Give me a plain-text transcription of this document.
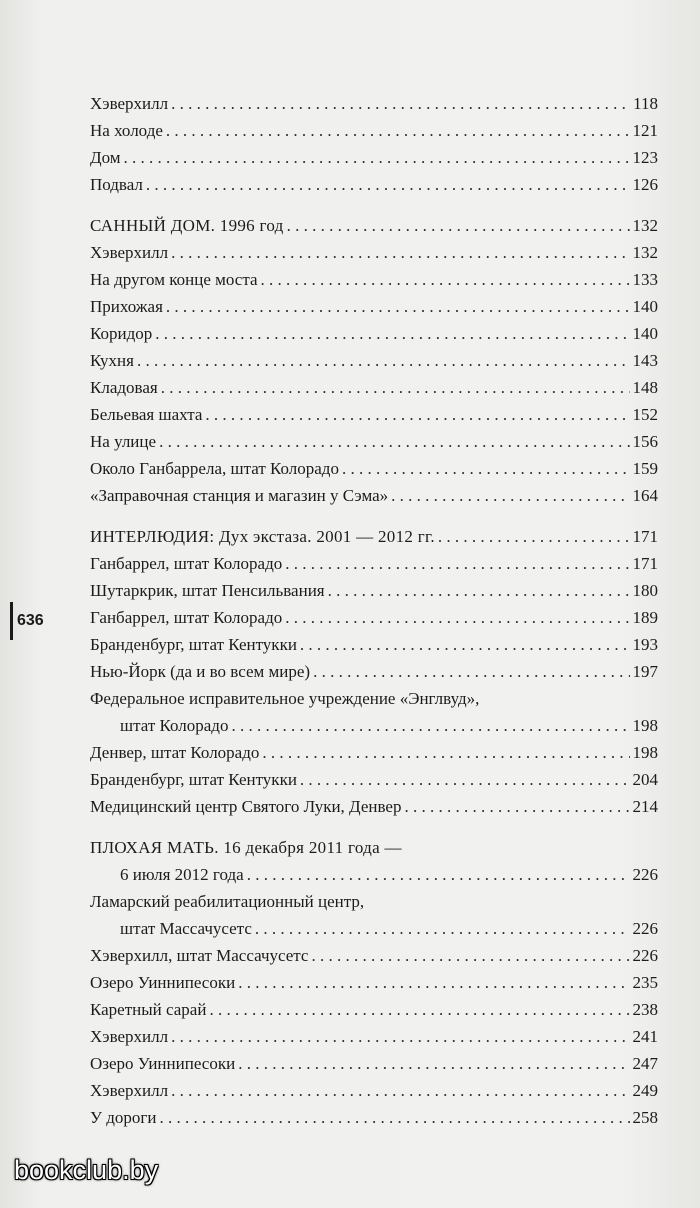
Хэверхилл . . .	118
На холоде . . .	121
Дом . . .	123
Подвал . . .	126
САННЫЙ ДОМ. 1996 год . . .	132
Хэверхилл . . .	132
На другом конце моста . . .	133
Прихожая . . .	140
Коридор . . .	140
Кухня . . .	143
Кладовая . . .	148
Бельевая шахта . . .	152
На улице . . .	156
Около Ганбаррела, штат Колорадо . . .	159
«Заправочная станция и магазин у Сэма» . . .	164
ИНТЕРЛЮДИЯ: Дух экстаза. 2001 — 2012 гг. . . .	171
Ганбаррел, штат Колорадо . . .	171
Шутаркрик, штат Пенсильвания . . .	180
Ганбаррел, штат Колорадо . . .	189
Бранденбург, штат Кентукки . . .	193
Нью-Йорк (да и во всем мире) . . .	197
Федеральное исправительное учреждение «Энглвуд»,
штат Колорадо . . .	198
Денвер, штат Колорадо . . .	198
Бранденбург, штат Кентукки . . .	204
Медицинский центр Святого Луки, Денвер . . .	214
ПЛОХАЯ МАТЬ. 16 декабря 2011 года —
6 июля 2012 года . . .	226
Ламарский реабилитационный центр,
штат Массачусетс . . .	226
Хэверхилл, штат Массачусетс . . .	226
Озеро Уиннипесоки . . .	235
Каретный сарай . . .	238
Хэверхилл . . .	241
Озеро Уиннипесоки . . .	247
Хэверхилл . . .	249
У дороги . . .	258
636
bookclub.by
